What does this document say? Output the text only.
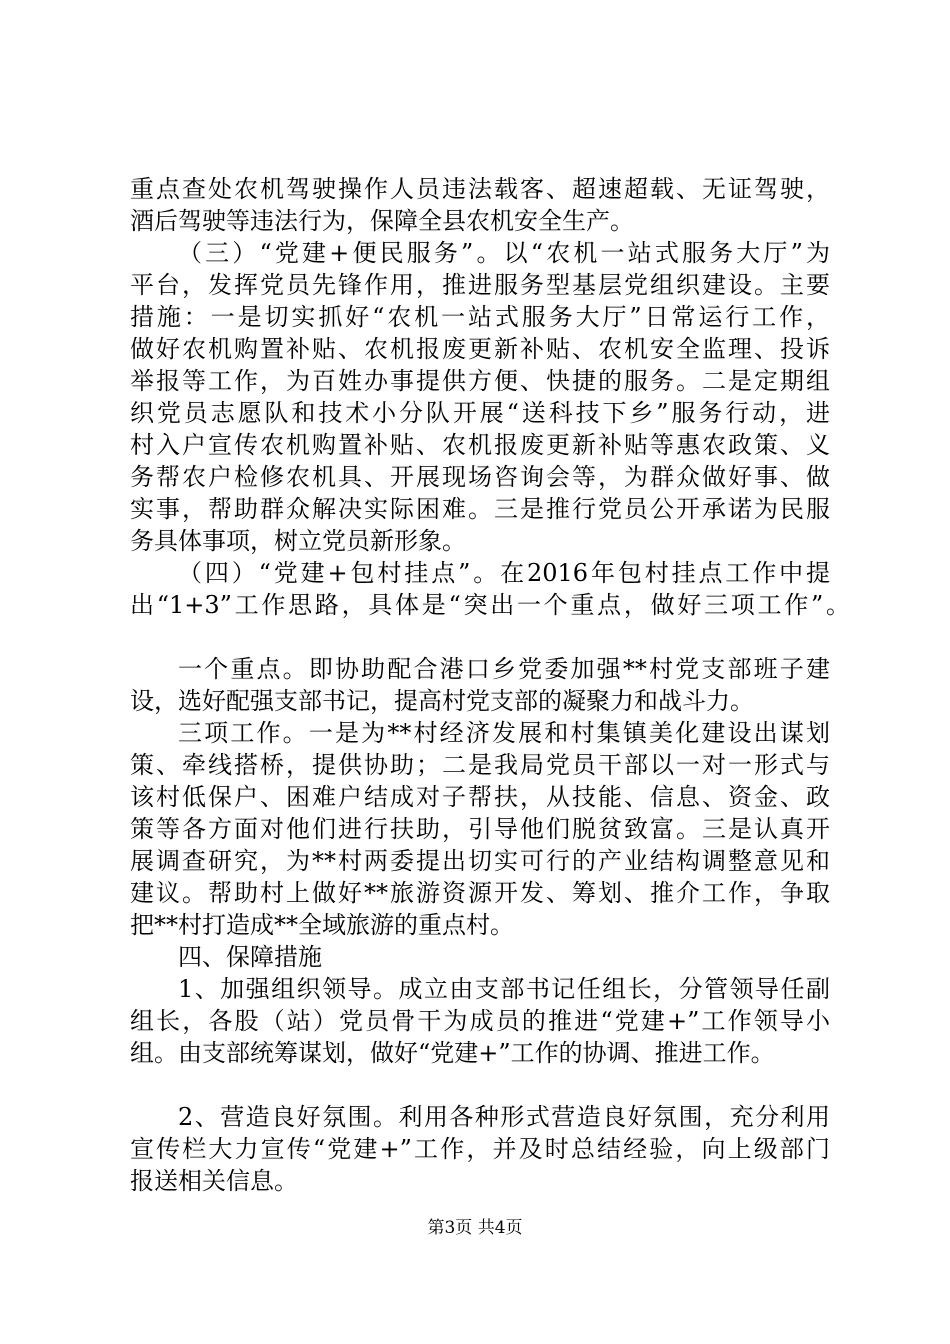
重点查处农机驾驶操作人员违法载客、超速超载、无证驾驶，
酒后驾驶等违法行为，保障全县农机安全生产。
（三）“党建+便民服务”。以“农机一站式服务大厅”为
平台，发挥党员先锋作用，推进服务型基层党组织建设。主要
措施：一是切实抓好“农机一站式服务大厅”日常运行工作，
做好农机购置补贴、农机报废更新补贴、农机安全监理、投诉
举报等工作，为百姓办事提供方便、快捷的服务。二是定期组
织党员志愿队和技术小分队开展“送科技下乡”服务行动，进
村入户宣传农机购置补贴、农机报废更新补贴等惠农政策、义
务帮农户检修农机具、开展现场咨询会等，为群众做好事、做
实事，帮助群众解决实际困难。三是推行党员公开承诺为民服
务具体事项，树立党员新形象。
（四）“党建+包村挂点”。在2016年包村挂点工作中提
出“1+3”工作思路，具体是“突出一个重点，做好三项工作”。
一个重点。即协助配合港口乡党委加强**村党支部班子建
设，选好配强支部书记，提高村党支部的凝聚力和战斗力。
三项工作。一是为**村经济发展和村集镇美化建设出谋划
策、牵线搭桥，提供协助；二是我局党员干部以一对一形式与
该村低保户、困难户结成对子帮扶，从技能、信息、资金、政
策等各方面对他们进行扶助，引导他们脱贫致富。三是认真开
展调查研究，为**村两委提出切实可行的产业结构调整意见和
建议。帮助村上做好**旅游资源开发、筹划、推介工作，争取
把**村打造成**全域旅游的重点村。
四、保障措施
1、加强组织领导。成立由支部书记任组长，分管领导任副
组长，各股（站）党员骨干为成员的推进“党建+”工作领导小
组。由支部统筹谋划，做好“党建+”工作的协调、推进工作。
2、营造良好氛围。利用各种形式营造良好氛围，充分利用
宣传栏大力宣传“党建+”工作，并及时总结经验，向上级部门
报送相关信息。
第3页 共4页
